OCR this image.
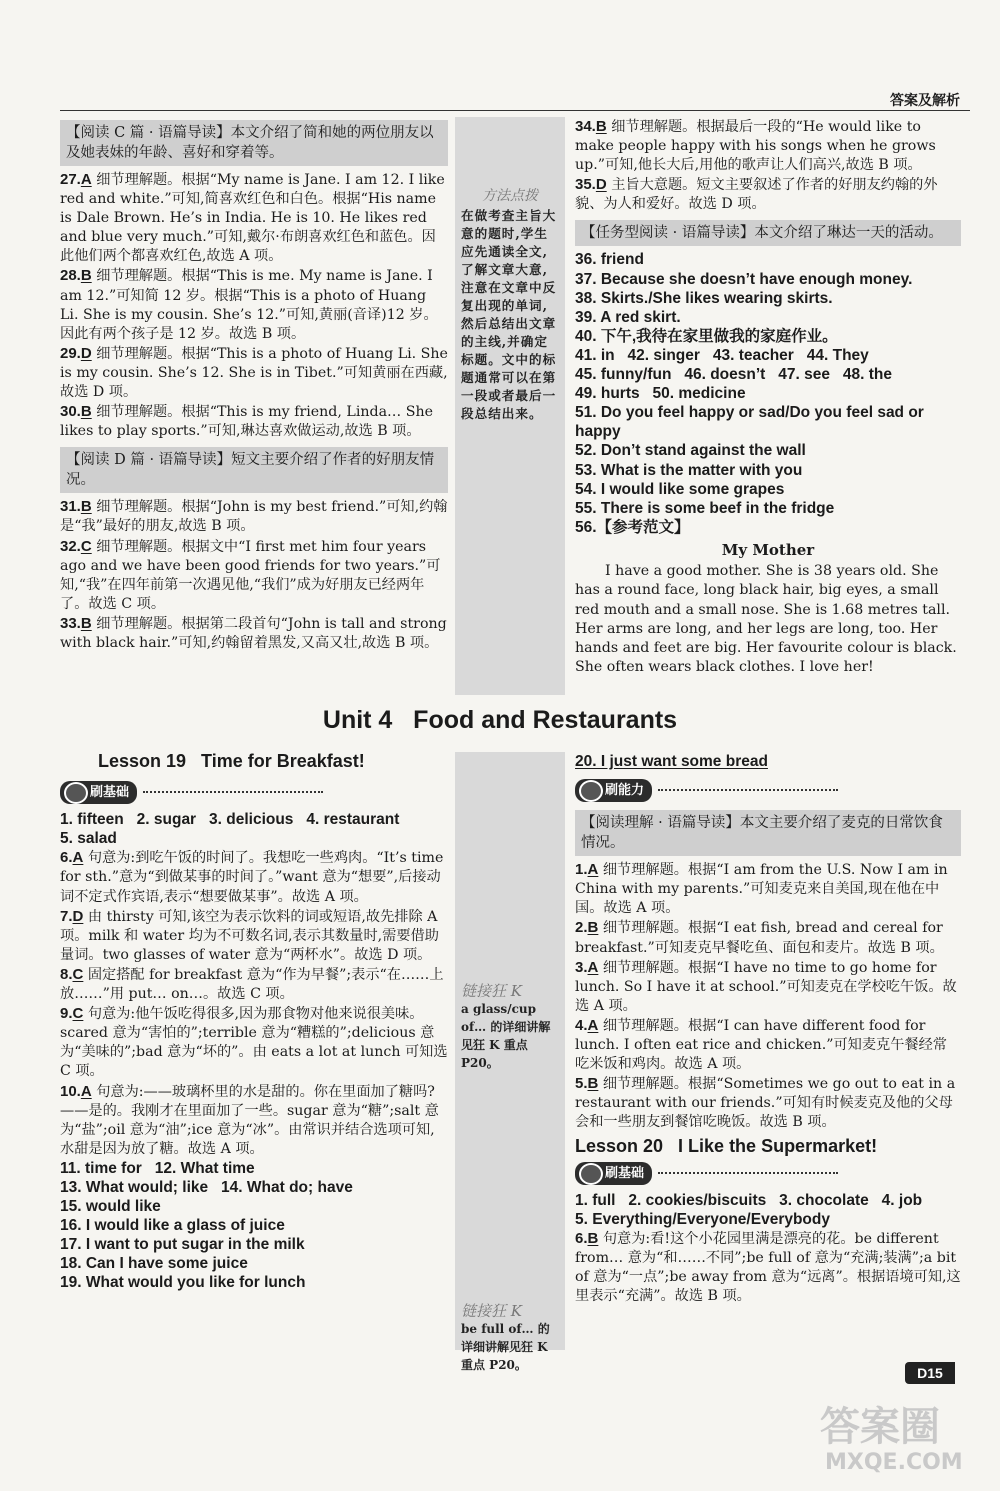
答案及解析
【阅读 C 篇 · 语篇导读】本文介绍了简和她的两位朋友以及她表妹的年龄、喜好和穿着等。

27.A 细节理解题。根据“My name is Jane. I am 12. I like red and white.”可知,简喜欢红色和白色。根据“His name is Dale Brown. He’s in India. He is 10. He likes red and blue very much.”可知,戴尔·布朗喜欢红色和蓝色。因此他们两个都喜欢红色,故选 A 项。

28.B 细节理解题。根据“This is me. My name is Jane. I am 12.”可知简 12 岁。根据“This is a photo of Huang Li. She is my cousin. She’s 12.”可知,黄丽(音译)12 岁。因此有两个孩子是 12 岁。故选 B 项。

29.D 细节理解题。根据“This is a photo of Huang Li. She is my cousin. She’s 12. She is in Tibet.”可知黄丽在西藏,故选 D 项。

30.B 细节理解题。根据“This is my friend, Linda… She likes to play sports.”可知,琳达喜欢做运动,故选 B 项。

【阅读 D 篇 · 语篇导读】短文主要介绍了作者的好朋友情况。

31.B 细节理解题。根据“John is my best friend.”可知,约翰是“我”最好的朋友,故选 B 项。

32.C 细节理解题。根据文中“I first met him four years ago and we have been good friends for two years.”可知,“我”在四年前第一次遇见他,“我们”成为好朋友已经两年了。故选 C 项。

33.B 细节理解题。根据第二段首句“John is tall and strong with black hair.”可知,约翰留着黑发,又高又壮,故选 B 项。

方法点拨
在做考查主旨大意的题时,学生应先通读全文,了解文章大意,注意在文章中反复出现的单词,然后总结出文章的主线,并确定标题。文中的标题通常可以在第一段或者最后一段总结出来。

34.B 细节理解题。根据最后一段的“He would like to make people happy with his songs when he grows up.”可知,他长大后,用他的歌声让人们高兴,故选 B 项。

35.D 主旨大意题。短文主要叙述了作者的好朋友约翰的外貌、为人和爱好。故选 D 项。

【任务型阅读 · 语篇导读】本文介绍了琳达一天的活动。
36. friend
37. Because she doesn’t have enough money.
38. Skirts./She likes wearing skirts.
39. A red skirt.
40. 下午,我待在家里做我的家庭作业。
41. in   42. singer   43. teacher   44. They
45. funny/fun   46. doesn’t   47. see   48. the
49. hurts   50. medicine
51. Do you feel happy or sad/Do you feel sad or happy
52. Don’t stand against the wall
53. What is the matter with you
54. I would like some grapes
55. There is some beef in the fridge
56.【参考范文】
My Mother

I have a good mother. She is 38 years old. She has a round face, long black hair, big eyes, a small red mouth and a small nose. She is 1.68 metres tall. Her arms are long, and her legs are long, too. Her hands and feet are big. Her favourite colour is black. She often wears black clothes. I love her!

Unit 4   Food and Restaurants
Lesson 19   Time for Breakfast!
刷基础
1. fifteen   2. sugar   3. delicious   4. restaurant
5. salad

6.A 句意为:到吃午饭的时间了。我想吃一些鸡肉。“It’s time for sth.”意为“到做某事的时间了。”want 意为“想要”,后接动词不定式作宾语,表示“想要做某事”。故选 A 项。

7.D 由 thirsty 可知,该空为表示饮料的词或短语,故先排除 A 项。milk 和 water 均为不可数名词,表示其数量时,需要借助量词。two glasses of water 意为“两杯水”。故选 D 项。

8.C 固定搭配 for breakfast 意为“作为早餐”;表示“在……上放……”用 put… on…。故选 C 项。

9.C 句意为:他午饭吃得很多,因为那食物对他来说很美味。scared 意为“害怕的”;terrible 意为“糟糕的”;delicious 意为“美味的”;bad 意为“坏的”。由 eats a lot at lunch 可知选 C 项。

10.A 句意为:——玻璃杯里的水是甜的。你在里面加了糖吗?——是的。我刚才在里面加了一些。sugar 意为“糖”;salt 意为“盐”;oil 意为“油”;ice 意为“冰”。由常识并结合选项可知,水甜是因为放了糖。故选 A 项。

11. time for   12. What time
13. What would; like   14. What do; have
15. would like
16. I would like a glass of juice
17. I want to put sugar in the milk
18. Can I have some juice
19. What would you like for lunch
链接狂 K
a glass/cup of… 的详细讲解见狂 K 重点 P20。
链接狂 K
be full of… 的详细讲解见狂 K 重点 P20。
20. I just want some bread
刷能力
【阅读理解 · 语篇导读】本文主要介绍了麦克的日常饮食情况。

1.A 细节理解题。根据“I am from the U.S. Now I am in China with my parents.”可知麦克来自美国,现在他在中国。故选 A 项。

2.B 细节理解题。根据“I eat fish, bread and cereal for breakfast.”可知麦克早餐吃鱼、面包和麦片。故选 B 项。

3.A 细节理解题。根据“I have no time to go home for lunch. So I have it at school.”可知麦克在学校吃午饭。故选 A 项。

4.A 细节理解题。根据“I can have different food for lunch. I often eat rice and chicken.”可知麦克午餐经常吃米饭和鸡肉。故选 A 项。

5.B 细节理解题。根据“Sometimes we go out to eat in a restaurant with our friends.”可知有时候麦克及他的父母会和一些朋友到餐馆吃晚饭。故选 B 项。

Lesson 20   I Like the Supermarket!
刷基础
1. full   2. cookies/biscuits   3. chocolate   4. job
5. Everything/Everyone/Everybody

6.B 句意为:看!这个小花园里满是漂亮的花。be different from… 意为“和……不同”;be full of 意为“充满;装满”;a bit of 意为“一点”;be away from 意为“远离”。根据语境可知,这里表示“充满”。故选 B 项。

D15
答案圈
MXQE.COM
